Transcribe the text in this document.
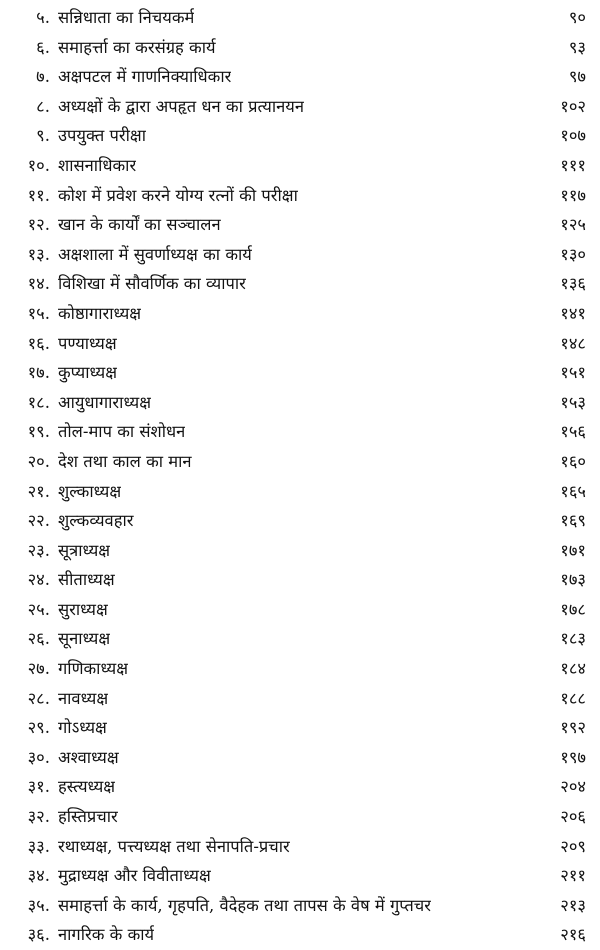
५. सन्निधाता का निचयकर्म	९०
६. समाहर्त्ता का करसंग्रह कार्य	९३
७. अक्षपटल में गाणनिक्याधिकार	९७
८. अध्यक्षों के द्वारा अपहृत धन का प्रत्यानयन	१०२
९. उपयुक्त परीक्षा	१०७
१०. शासनाधिकार	१११
११. कोश में प्रवेश करने योग्य रत्नों की परीक्षा	११७
१२. खान के कार्यों का सञ्चालन	१२५
१३. अक्षशाला में सुवर्णाध्यक्ष का कार्य	१३०
१४. विशिखा में सौवर्णिक का व्यापार	१३६
१५. कोष्ठागाराध्यक्ष	१४१
१६. पण्याध्यक्ष	१४८
१७. कुप्याध्यक्ष	१५१
१८. आयुधागाराध्यक्ष	१५३
१९. तोल-माप का संशोधन	१५६
२०. देश तथा काल का मान	१६०
२१. शुल्काध्यक्ष	१६५
२२. शुल्कव्यवहार	१६९
२३. सूत्राध्यक्ष	१७१
२४. सीताध्यक्ष	१७३
२५. सुराध्यक्ष	१७८
२६. सूनाध्यक्ष	१८३
२७. गणिकाध्यक्ष	१८४
२८. नावध्यक्ष	१८८
२९. गोऽध्यक्ष	१९२
३०. अश्वाध्यक्ष	१९७
३१. हस्त्यध्यक्ष	२०४
३२. हस्तिप्रचार	२०६
३३. रथाध्यक्ष, पत्त्यध्यक्ष तथा सेनापति-प्रचार	२०९
३४. मुद्राध्यक्ष और विवीताध्यक्ष	२११
३५. समाहर्त्ता के कार्य, गृहपति, वैदेहक तथा तापस के वेष में गुप्तचर	२१३
३६. नागरिक के कार्य	२१६
